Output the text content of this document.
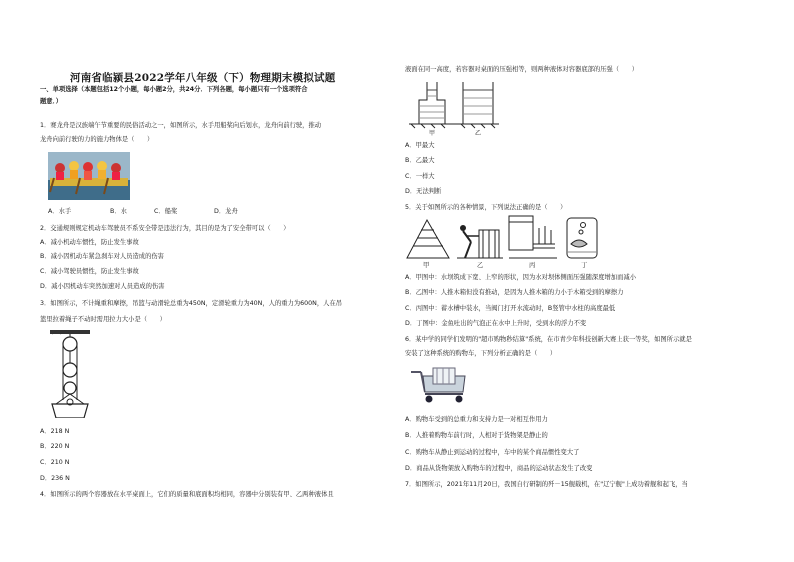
河南省临颍县2022学年八年级（下）物理期末模拟试题
一、单项选择（本题包括12个小题，每小题2分，共24分．下列各题，每小题只有一个选项符合
题意．）
1．赛龙舟是汉族端午节重要的民俗活动之一，如图所示，水手用船桨向后划水，龙舟向前行驶，推动
龙舟向前行驶的力的施力物体是（　　）
A．水手	B．水	C．船桨	D．龙舟
2．交通规则规定机动车驾驶员不系安全带是违法行为，其目的是为了安全带可以（　　）
A．减小机动车惯性，防止发生事故
B．减小因机动车紧急刹车对人员造成的伤害
C．减小驾驶员惯性，防止发生事故
D．减小因机动车突然加速对人员造成的伤害
3．如图所示，不计绳重和摩擦，吊篮与动滑轮总重为450N，定滑轮重力为40N，人的重力为600N，人在吊
篮里拉着绳子不动时需用拉力大小是（　　）
A．218 N
B．220 N
C．210 N
D．236 N
4．如图所示的两个容器放在水平桌面上，它们的质量和底面积均相同，容器中分别装有甲、乙两种液体且
液面在同一高度，若容器对桌面的压强相等，则两种液体对容器底部的压强（　　）
甲	乙
A．甲最大
B．乙最大
C．一样大
D．无法判断
5．关于如图所示的各种情景，下列说法正确的是（　　）
甲	乙	丙	丁
A．甲图中：水坝筑成下宽、上窄的形状，因为水对坝体侧面压强随深度增加而减小
B．乙图中：人推木箱但没有推动，是因为人推木箱的力小于木箱受到的摩擦力
C．丙图中：蓄水槽中装水，当阀门打开水流动时，B竖管中水柱的高度最低
D．丁图中：金鱼吐出的气泡正在水中上升时，受到水的浮力不变
6．某中学的同学们发明的"超市购物秒结算"系统，在市青少年科技创新大赛上获一等奖，如图所示就是
安装了这种系统的购物车，下列分析正确的是（　　）
A．购物车受到的总重力和支持力是一对相互作用力
B．人推着购物车前行时，人相对于货物架是静止的
C．购物车从静止到运动的过程中，车中的某个商品惯性变大了
D．商品从货物架放入购物车的过程中，商品的运动状态发生了改变
7．如图所示，2021年11月20日，我国自行研制的歼－15舰载机，在"辽宁舰"上成功着舰和起飞，当
